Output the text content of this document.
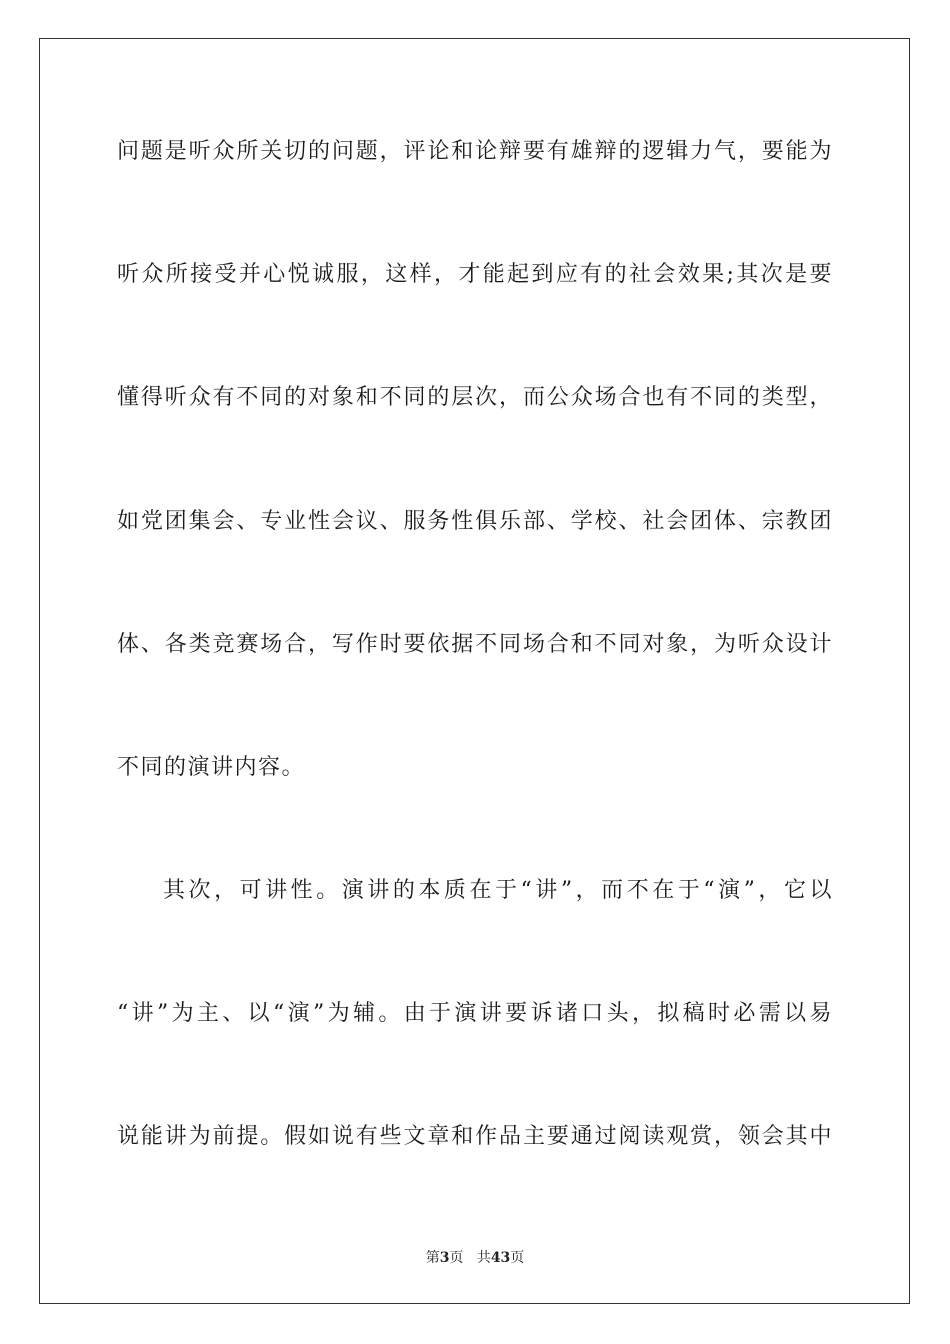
问题是听众所关切的问题，评论和论辩要有雄辩的逻辑力气，要能为
听众所接受并心悦诚服，这样，才能起到应有的社会效果;其次是要
懂得听众有不同的对象和不同的层次，而公众场合也有不同的类型，
如党团集会、专业性会议、服务性俱乐部、学校、社会团体、宗教团
体、各类竞赛场合，写作时要依据不同场合和不同对象，为听众设计
不同的演讲内容。
其次，可讲性。演讲的本质在于“讲”，而不在于“演”，它以
“讲”为主、以“演”为辅。由于演讲要诉诸口头，拟稿时必需以易
说能讲为前提。假如说有些文章和作品主要通过阅读观赏，领会其中
第3页 共43页
